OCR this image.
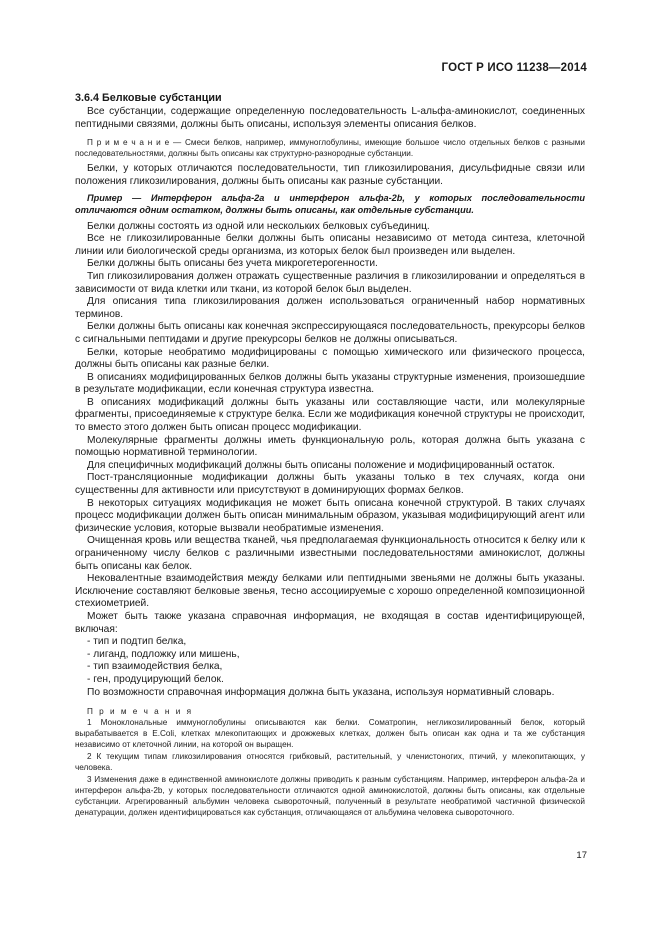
ГОСТ Р ИСО 11238—2014
3.6.4 Белковые субстанции
Все субстанции, содержащие определенную последовательность L-альфа-аминокислот, соединенных пептидными связями, должны быть описаны, используя элементы описания белков.
П р и м е ч а н и е — Смеси белков, например, иммуноглобулины, имеющие большое число отдельных белков с разными последовательностями, должны быть описаны как структурно-разнородные субстанции.
Белки, у которых отличаются последовательности, тип гликозилирования, дисульфидные связи или положения гликозилирования, должны быть описаны как разные субстанции.
Пример — Интерферон альфа-2a и интерферон альфа-2b, у которых последовательности отличаются одним остатком, должны быть описаны, как отдельные субстанции.
Белки должны состоять из одной или нескольких белковых субъединиц.
Все не гликозилированные белки должны быть описаны независимо от метода синтеза, клеточной линии или биологической среды организма, из которых белок был произведен или выделен.
Белки должны быть описаны без учета микрогетерогенности.
Тип гликозилирования должен отражать существенные различия в гликозилировании и определяться в зависимости от вида клетки или ткани, из которой белок был выделен.
Для описания типа гликозилирования должен использоваться ограниченный набор нормативных терминов.
Белки должны быть описаны как конечная экспрессирующаяся последовательность, прекурсоры белков с сигнальными пептидами и другие прекурсоры белков не должны описываться.
Белки, которые необратимо модифицированы с помощью химического или физического процесса, должны быть описаны как разные белки.
В описаниях модифицированных белков должны быть указаны структурные изменения, произошедшие в результате модификации, если конечная структура известна.
В описаниях модификаций должны быть указаны или составляющие части, или молекулярные фрагменты, присоединяемые к структуре белка. Если же модификация конечной структуры не происходит, то вместо этого должен быть описан процесс модификации.
Молекулярные фрагменты должны иметь функциональную роль, которая должна быть указана с помощью нормативной терминологии.
Для специфичных модификаций должны быть описаны положение и модифицированный остаток.
Пост-трансляционные модификации должны быть указаны только в тех случаях, когда они существенны для активности или присутствуют в доминирующих формах белков.
В некоторых ситуациях модификация не может быть описана конечной структурой. В таких случаях процесс модификации должен быть описан минимальным образом, указывая модифицирующий агент или физические условия, которые вызвали необратимые изменения.
Очищенная кровь или вещества тканей, чья предполагаемая функциональность относится к белку или к ограниченному числу белков с различными известными последовательностями аминокислот, должны быть описаны как белок.
Нековалентные взаимодействия между белками или пептидными звеньями не должны быть указаны. Исключение составляют белковые звенья, тесно ассоциируемые с хорошо определенной композиционной стехиометрией.
Может быть также указана справочная информация, не входящая в состав идентифицирующей, включая:
- тип и подтип белка,
- лиганд, подложку или мишень,
- тип взаимодействия белка,
- ген, продуцирующий белок.
По возможности справочная информация должна быть указана, используя нормативный словарь.
П р и м е ч а н и я
1 Моноклональные иммуноглобулины описываются как белки. Соматропин, негликозилированный белок, который вырабатывается в E.Coli, клетках млекопитающих и дрожжевых клетках, должен быть описан как одна и та же субстанция независимо от клеточной линии, на которой он выращен.
2 К текущим типам гликозилирования относятся грибковый, растительный, у членистоногих, птичий, у млекопитающих, у человека.
3 Изменения даже в единственной аминокислоте должны приводить к разным субстанциям. Например, интерферон альфа-2a и интерферон альфа-2b, у которых последовательности отличаются одной аминокислотой, должны быть описаны, как отдельные субстанции. Агрегированный альбумин человека сывороточный, полученный в результате необратимой частичной физической денатурации, должен идентифицироваться как субстанция, отличающаяся от альбумина человека сывороточного.
17
